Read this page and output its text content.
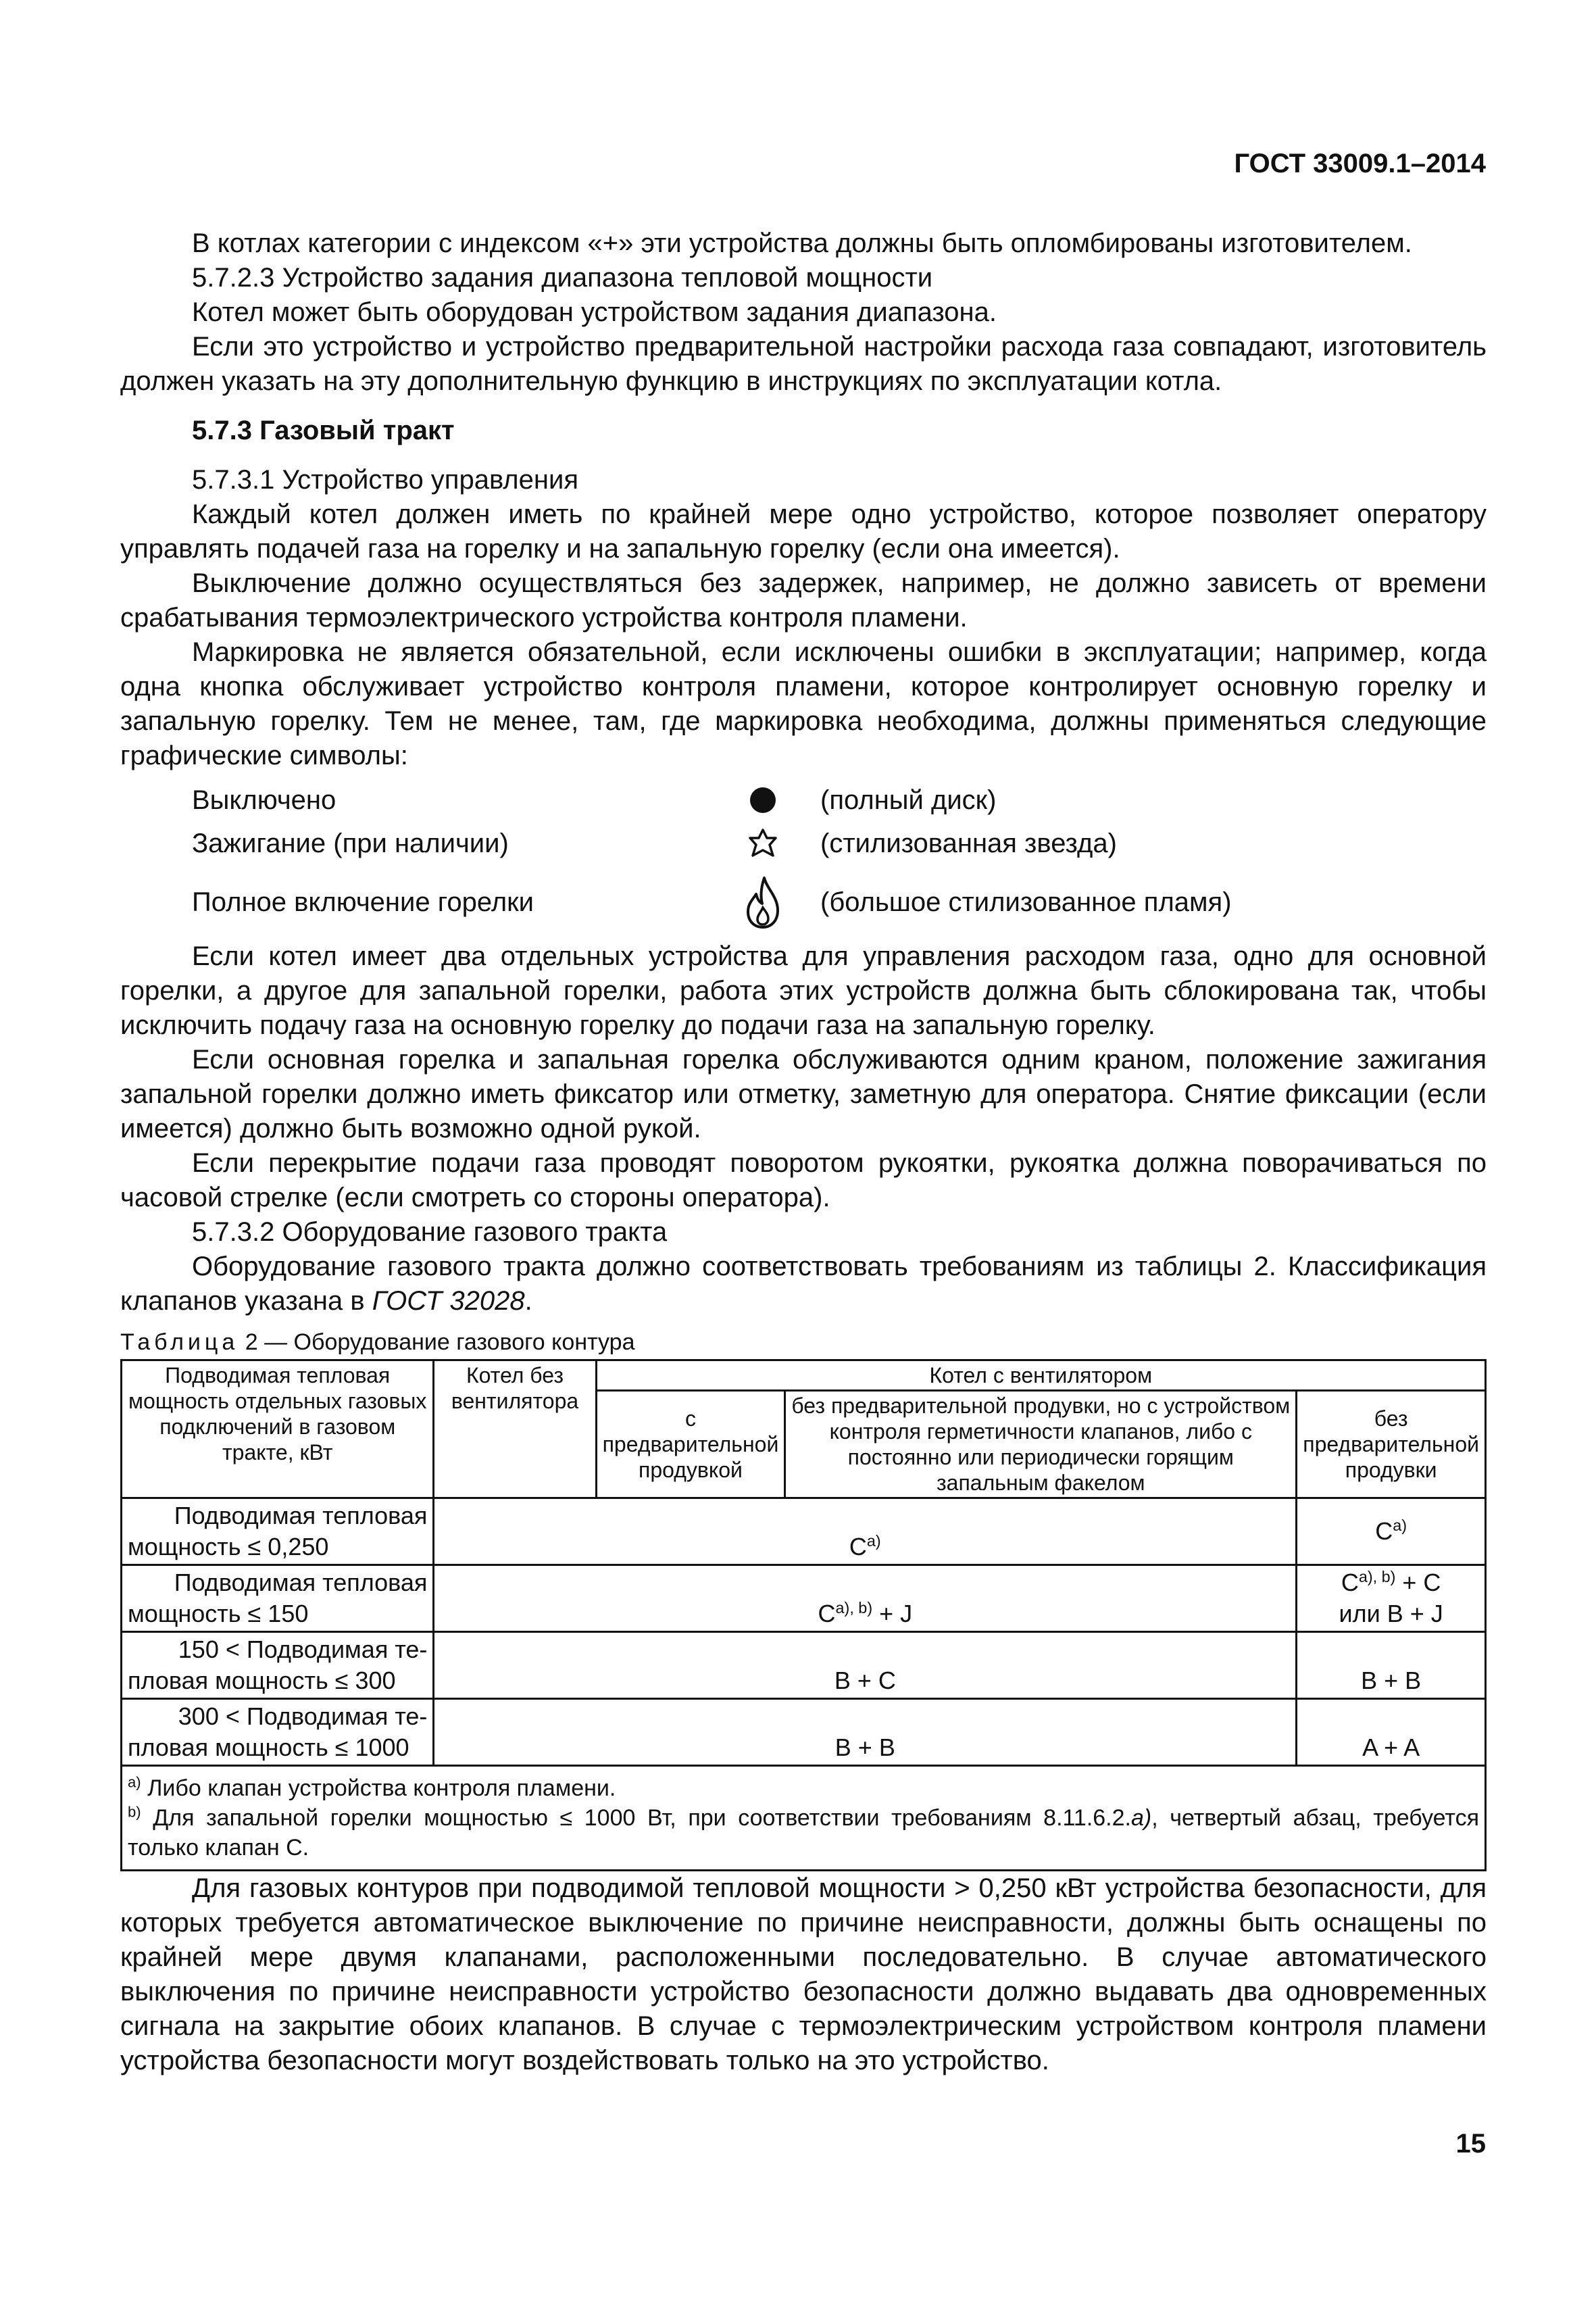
ГОСТ 33009.1–2014

В котлах категории с индексом «+» эти устройства должны быть опломбированы изготовителем.

5.7.2.3 Устройство задания диапазона тепловой мощности

Котел может быть оборудован устройством задания диапазона.

Если это устройство и устройство предварительной настройки расхода газа совпадают, изготовитель должен указать на эту дополнительную функцию в инструкциях по эксплуатации котла.

5.7.3 Газовый тракт

5.7.3.1 Устройство управления

Каждый котел должен иметь по крайней мере одно устройство, которое позволяет оператору управлять подачей газа на горелку и на запальную горелку (если она имеется).

Выключение должно осуществляться без задержек, например, не должно зависеть от времени срабатывания термоэлектрического устройства контроля пламени.

Маркировка не является обязательной, если исключены ошибки в эксплуатации; например, когда одна кнопка обслуживает устройство контроля пламени, которое контролирует основную горелку и запальную горелку. Тем не менее, там, где маркировка необходима, должны применяться следующие графические символы:

Выключено	(полный диск)
Зажигание (при наличии)	(стилизованная звезда)
Полное включение горелки	(большое стилизованное пламя)

Если котел имеет два отдельных устройства для управления расходом газа, одно для основной горелки, а другое для запальной горелки, работа этих устройств должна быть сблокирована так, чтобы исключить подачу газа на основную горелку до подачи газа на запальную горелку.

Если основная горелка и запальная горелка обслуживаются одним краном, положение зажигания запальной горелки должно иметь фиксатор или отметку, заметную для оператора. Снятие фиксации (если имеется) должно быть возможно одной рукой.

Если перекрытие подачи газа проводят поворотом рукоятки, рукоятка должна поворачиваться по часовой стрелке (если смотреть со стороны оператора).

5.7.3.2 Оборудование газового тракта

Оборудование газового тракта должно соответствовать требованиям из таблицы 2. Классификация клапанов указана в ГОСТ 32028.

Таблица 2 — Оборудование газового контура
Подводимая тепловая мощность отдельных газовых подключений в газовом тракте, кВт	Котел без вентилятора	Котел с вентилятором		
		с предварительной продувкой	без предварительной продувки, но с устройством контроля герметичности клапанов, либо с постоянно или периодически горящим запальным факелом	без предварительной продувки

Подводимая тепловая
мощность ≤ 0,250	$C^{a)}$			$C^{a)}$

Подводимая тепловая
мощность ≤ 150	$C^{a), b)} + J$			$C^{a), b)} + C$
или B + J

150 < Подводимая те-
пловая мощность ≤ 300	B + C			B + B

300 < Подводимая те-
пловая мощность ≤ 1000	B + B			A + A

$^{a)}$ Либо клапан устройства контроля пламени.
$^{b)}$ Для запальной горелки мощностью ≤ 1000 Вт, при соответствии требованиям 8.11.6.2.а), четвертый абзац, требуется только клапан С.				

Для газовых контуров при подводимой тепловой мощности > 0,250 кВт устройства безопасности, для которых требуется автоматическое выключение по причине неисправности, должны быть оснащены по крайней мере двумя клапанами, расположенными последовательно. В случае автоматического выключения по причине неисправности устройство безопасности должно выдавать два одновременных сигнала на закрытие обоих клапанов. В случае с термоэлектрическим устройством контроля пламени устройства безопасности могут воздействовать только на это устройство.

15
